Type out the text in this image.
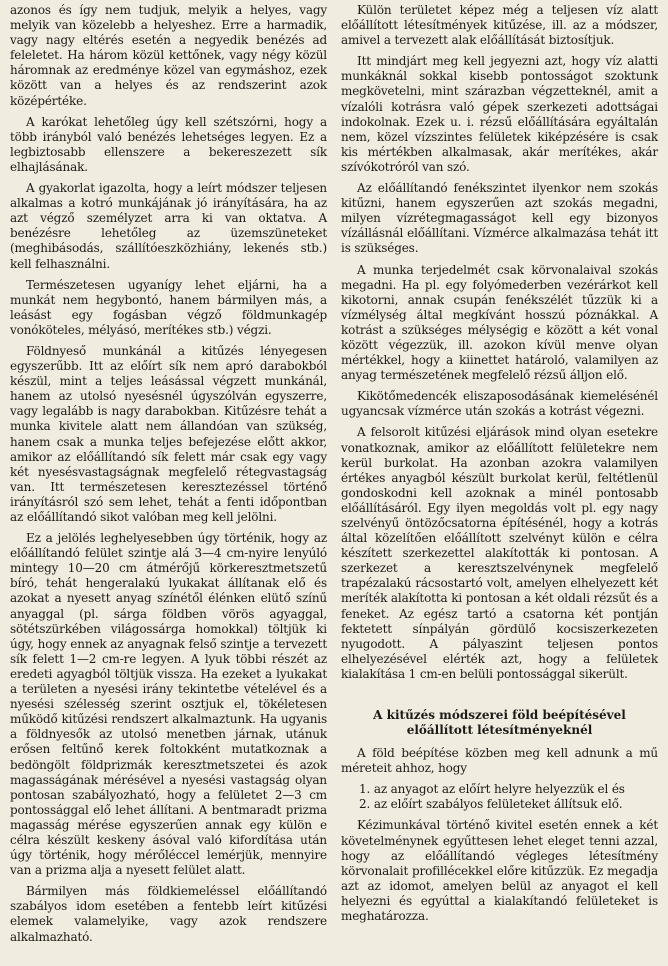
azonos és így nem tudjuk, melyik a helyes, vagy melyik van közelebb a helyeshez. Erre a harmadik, vagy nagy eltérés esetén a negyedik benézés ad feleletet. Ha három közül kettőnek, vagy négy közül háromnak az eredménye közel van egymáshoz, ezek között van a helyes és az rendszerint azok középértéke.

A karókat lehetőleg úgy kell szétszórni, hogy a több irányból való benézés lehetséges legyen. Ez a legbiztosabb ellenszere a bekereszezett sík elhajlásának.

A gyakorlat igazolta, hogy a leírt módszer teljesen alkalmas a kotró munkájának jó irányítására, ha az azt végző személyzet arra ki van oktatva. A benézésre lehetőleg az üzemszüneteket (meghibásodás, szállítóeszközhiány, lekenés stb.) kell felhasználni.

Természetesen ugyanígy lehet eljárni, ha a munkát nem hegybontó, hanem bármilyen más, a leásást egy fogásban végző földmunkagép vonóköteles, mélyásó, merítékes stb.) végzi.

Földnyeső munkánál a kitűzés lényegesen egyszerűbb. Itt az előírt sík nem apró darabokból készül, mint a teljes leásással végzett munkánál, hanem az utolsó nyesésnél úgyszólván egyszerre, vagy legalább is nagy darabokban. Kitűzésre tehát a munka kivitele alatt nem állandóan van szükség, hanem csak a munka teljes befejezése előtt akkor, amikor az előállítandó sík felett már csak egy vagy két nyesésvastagságnak megfelelő rétegvastagság van. Itt természetesen keresztezéssel történő irányításról szó sem lehet, tehát a fenti időpontban az előállítandó sikot valóban meg kell jelölni.

Ez a jelölés leghelyesebben úgy történik, hogy az előállítandó felület szintje alá 3—4 cm-nyire lenyúló mintegy 10—20 cm átmérőjű körkeresztmetszetű bíró, tehát hengeralakú lyukakat állítanak elő és azokat a nyesett anyag színétől élénken elütő színű anyaggal (pl. sárga földben vörös agyaggal, sötétszürkében világossárga homokkal) töltjük ki úgy, hogy ennek az anyagnak felső szintje a tervezett sík felett 1—2 cm-re legyen. A lyuk többi részét az eredeti agyagból töltjük vissza. Ha ezeket a lyukakat a területen a nyesési irány tekintetbe vételével és a nyesési szélesség szerint osztjuk el, tökéletesen működő kitűzési rendszert alkalmaztunk. Ha ugyanis a földnyesők az utolsó menetben járnak, utánuk erősen feltűnő kerek foltokként mutatkoznak a bedöngölt földprizmák keresztmetszetei és azok magasságának mérésével a nyesési vastagság olyan pontosan szabályozható, hogy a felületet 2—3 cm pontossággal elő lehet állítani. A bentmaradt prizma magasság mérése egyszerűen annak egy külön e célra készült keskeny ásóval való kifordítása után úgy történik, hogy mérőléccel lemérjük, mennyire van a prizma alja a nyesett felület alatt.

Bármilyen más földkiemeléssel előállítandó szabályos idom esetében a fentebb leírt kitűzési elemek valamelyike, vagy azok rendszere alkalmazható.

Külön területet képez még a teljesen víz alatt előállított létesítmények kitűzése, ill. az a módszer, amivel a tervezett alak előállítását biztosítjuk.

Itt mindjárt meg kell jegyezni azt, hogy víz alatti munkáknál sokkal kisebb pontosságot szoktunk megkövetelni, mint szárazban végzetteknél, amit a vízalóli kotrásra való gépek szerkezeti adottságai indokolnak. Ezek u. i. rézsű előállítására egyáltalán nem, közel vízszintes felületek kiképzésére is csak kis mértékben alkalmasak, akár merítékes, akár szívókotróról van szó.

Az előállítandó fenékszintet ilyenkor nem szokás kitűzni, hanem egyszerűen azt szokás megadni, milyen vízrétegmagasságot kell egy bizonyos vízállásnál előállítani. Vízmérce alkalmazása tehát itt is szükséges.

A munka terjedelmét csak körvonalaival szokás megadni. Ha pl. egy folyómederben vezérárkot kell kikotorni, annak csupán fenékszélét tűzzük ki a vízmélység által megkívánt hosszú póznákkal. A kotrást a szükséges mélységig e között a két vonal között végezzük, ill. azokon kívül menve olyan mértékkel, hogy a kiinettet határoló, valamilyen az anyag természetének megfelelő rézsű álljon elő.

Kikötőmedencék eliszaposodásának kiemelésénél ugyancsak vízmérce után szokás a kotrást végezni.

A felsorolt kitűzési eljárások mind olyan esetekre vonatkoznak, amikor az előállított felületekre nem kerül burkolat. Ha azonban azokra valamilyen értékes anyagból készült burkolat kerül, feltétlenül gondoskodni kell azoknak a minél pontosabb előállításáról. Egy ilyen megoldás volt pl. egy nagy szelvényű öntözőcsatorna építésénél, hogy a kotrás által közelítően előállított szelvényt külön e célra készített szerkezettel alakították ki pontosan. A szerkezet a keresztszelvénynek megfelelő trapézalakú rácsostartó volt, amelyen elhelyezett két meríték alakította ki pontosan a két oldali rézsűt és a feneket. Az egész tartó a csatorna két pontján fektetett sínpályán gördülő kocsiszerkezeten nyugodott. A pályaszint teljesen pontos elhelyezésével elérték azt, hogy a felületek kialakítása 1 cm-en belüli pontossággal sikerült.

A kitűzés módszerei föld beépítésével előállított létesítményeknél

A föld beépítése közben meg kell adnunk a mű méreteit ahhoz, hogy

1. az anyagot az előírt helyre helyezzük el és
2. az előírt szabályos felületeket állítsuk elő.

Kézimunkával történő kivitel esetén ennek a két követelménynek egyűttesen lehet eleget tenni azzal, hogy az előállítandó végleges létesítmény körvonalait profillécekkel előre kitűzzük. Ez megadja azt az idomot, amelyen belül az anyagot el kell helyezni és egyúttal a kialakítandó felületeket is meghatározza.
